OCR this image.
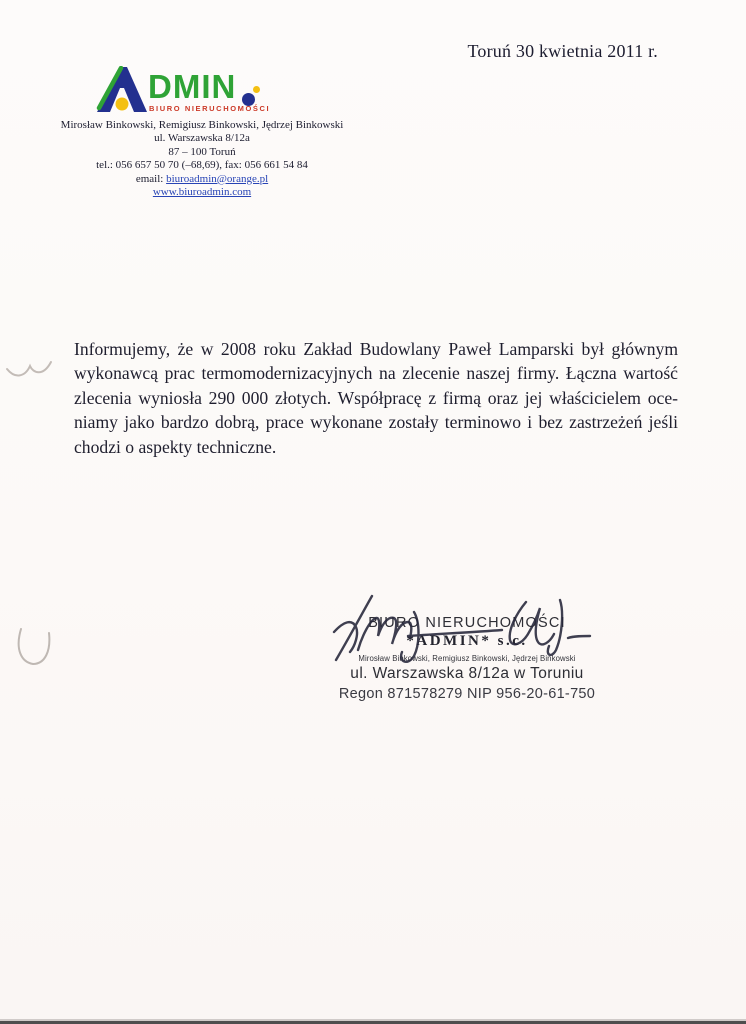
Toruń 30 kwietnia 2011 r.
DMIN
BIURO NIERUCHOMOŚCI
Mirosław Binkowski, Remigiusz Binkowski, Jędrzej Binkowski
ul. Warszawska 8/12a
87 – 100 Toruń
tel.: 056 657 50 70 (–68,69), fax: 056 661 54 84
email: biuroadmin@orange.pl
www.biuroadmin.com
Informujemy, że w 2008 roku Zakład Budowlany Paweł Lamparski był głównym
wykonawcą prac termomodernizacyjnych na zlecenie naszej firmy. Łączna wartość
zlecenia wyniosła 290 000 złotych. Współpracę z firmą oraz jej właścicielem oce-
niamy jako bardzo dobrą, prace wykonane zostały terminowo i bez zastrzeżeń jeśli
chodzi o aspekty techniczne.
BIURO NIERUCHOMOŚCI
*ADMIN* s.c.
Mirosław Binkowski, Remigiusz Binkowski, Jędrzej Binkowski
ul. Warszawska 8/12a w Toruniu
Regon 871578279 NIP 956-20-61-750
